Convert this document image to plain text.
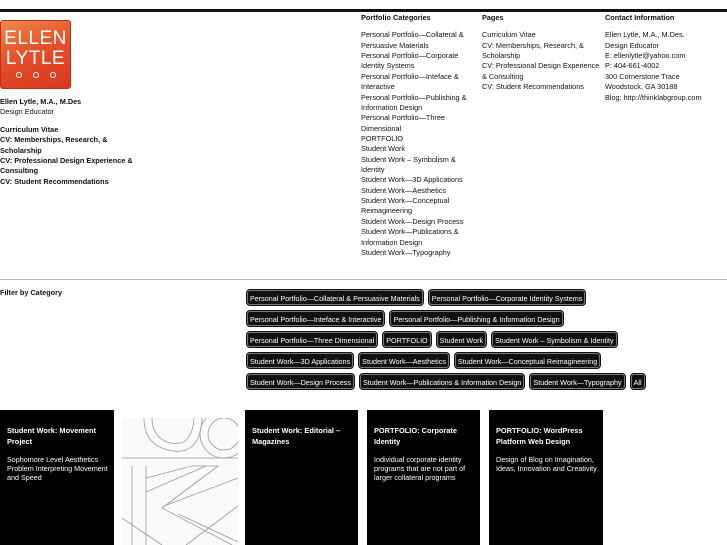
ELLEN
LYTLE
Ellen Lytle, M.A., M.Des
Design Educator
Curriculum Vitae
CV: Memberships, Research, & Scholarship
CV: Professional Design Experience & Consulting
CV: Student Recommendations
Portfolio Categories
Personal Portfolio—Collateral & Persuasive Materials
Personal Portfolio—Corporate Identity Systems
Personal Portfolio—Inteface & Interactive
Personal Portfolio—Publishing & Information Design
Personal Portfolio—Three Dimensional
PORTFOLIO
Student Work
Student Work – Symbolism & Identity
Student Work—3D Applications
Student Work—Aesthetics
Student Work—Conceptual Reimagineering
Student Work—Design Process
Student Work—Publications & Information Design
Student Work—Typography
Pages
Curriculum Vitae
CV: Memberships, Research, & Scholarship
CV: Professional Design Experience & Consulting
CV: Student Recommendations
Contact Information
Ellen Lytle, M.A., M.Des.
Design Educator
E: ellenlytle@yahoo.com
P: 404-661-4002
300 Cornerstone Trace
Woodstock, GA 30188
Blog: http://thinklabgroup.com
Filter by Category
Personal Portfolio—Collateral & Persuasive Materials	Personal Portfolio—Corporate Identity Systems
Personal Portfolio—Inteface & Interactive	Personal Portfolio—Publishing & Information Design
Personal Portfolio—Three Dimensional	PORTFOLIO	Student Work	Student Work – Symbolism & Identity
Student Work—3D Applications	Student Work—Aesthetics	Student Work—Conceptual Reimagineering
Student Work—Design Process	Student Work—Publications & Information Design	Student Work—Typography	All
Student Work: Movement Project
Sophomore Level Aesthetics Problem Interpreting Movement and Speed
Student Work: Editorial – Magazines
PORTFOLIO: Corporate Identity
Individual corporate identity programs that are not part of larger collateral programs
PORTFOLIO: WordPress Platform Web Design
Design of Blog on Imagination, Ideas, Innovation and Creativity
